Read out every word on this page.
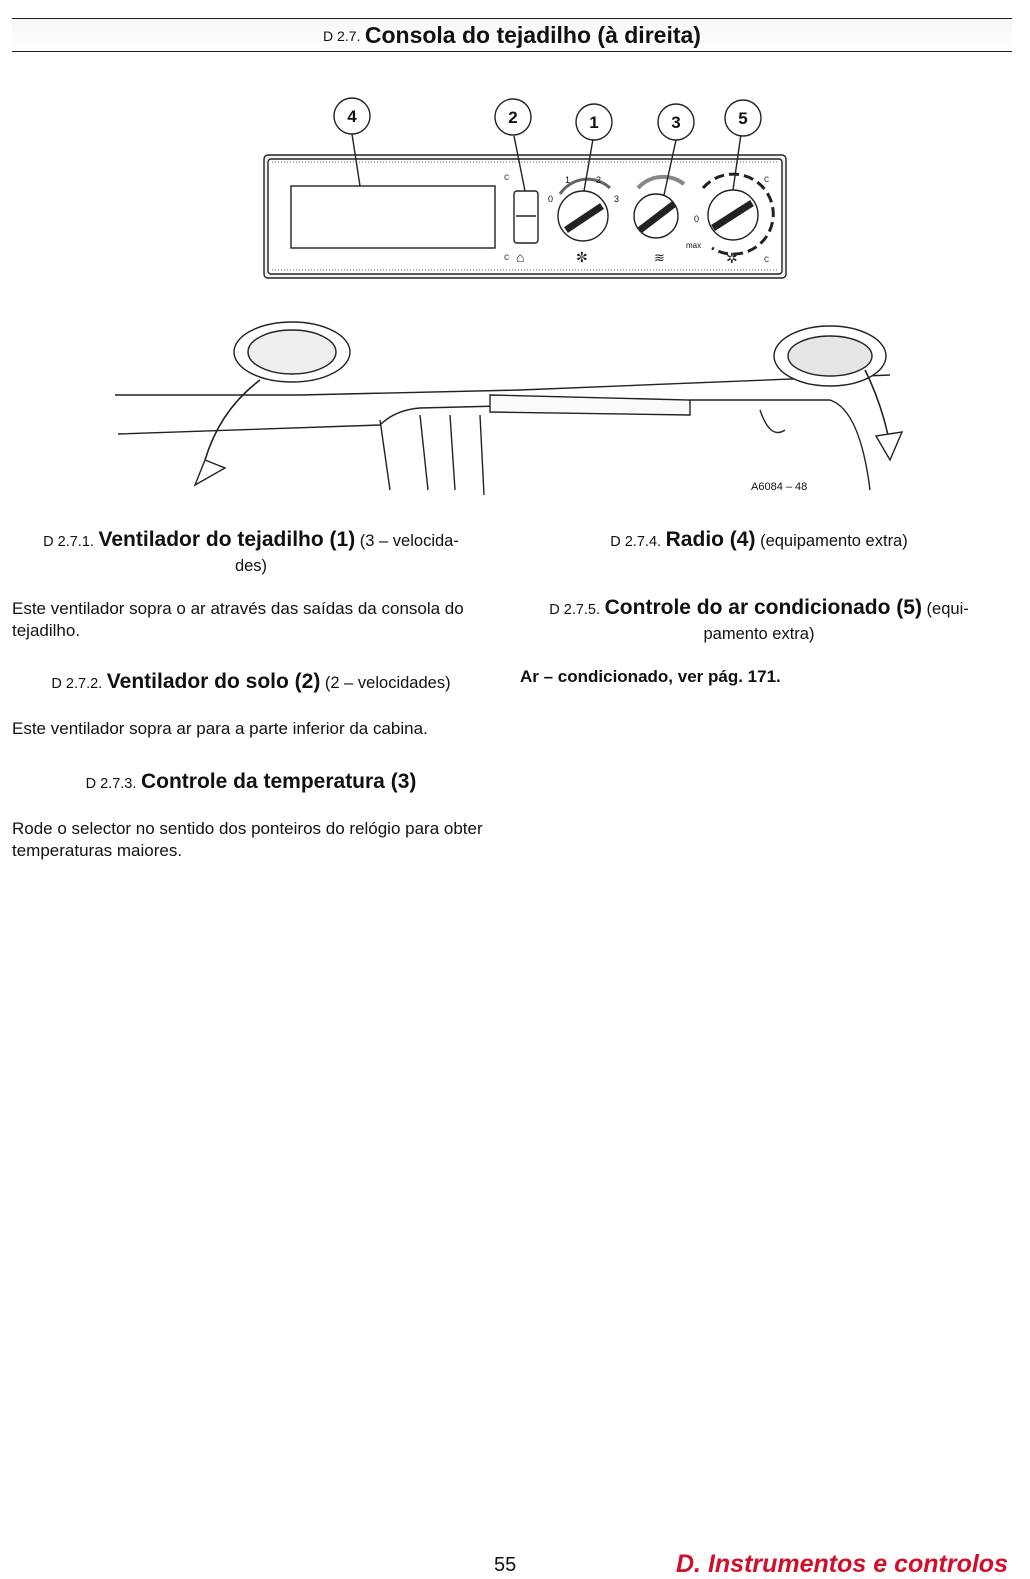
D 2.7. Consola do tejadilho (à direita)
✼	≋	✲
⌂
c
c
c
c
4	2	1	3	5
1	2
3
0
0
max
A6084 – 48
D 2.7.1. Ventilador do tejadilho (1) (3 – velocida-
des)

Este ventilador sopra o ar através das saídas da consola do tejadilho.

D 2.7.2. Ventilador do solo (2) (2 – velocidades)

Este ventilador sopra ar para a parte inferior da cabina.

D 2.7.3. Controle da temperatura (3)

Rode o selector no sentido dos ponteiros do relógio para obter temperaturas maiores.

D 2.7.4. Radio (4) (equipamento extra)
D 2.7.5. Controle do ar condicionado (5) (equi-
pamento extra)

Ar – condicionado, ver pág. 171.

55	D. Instrumentos e controlos
